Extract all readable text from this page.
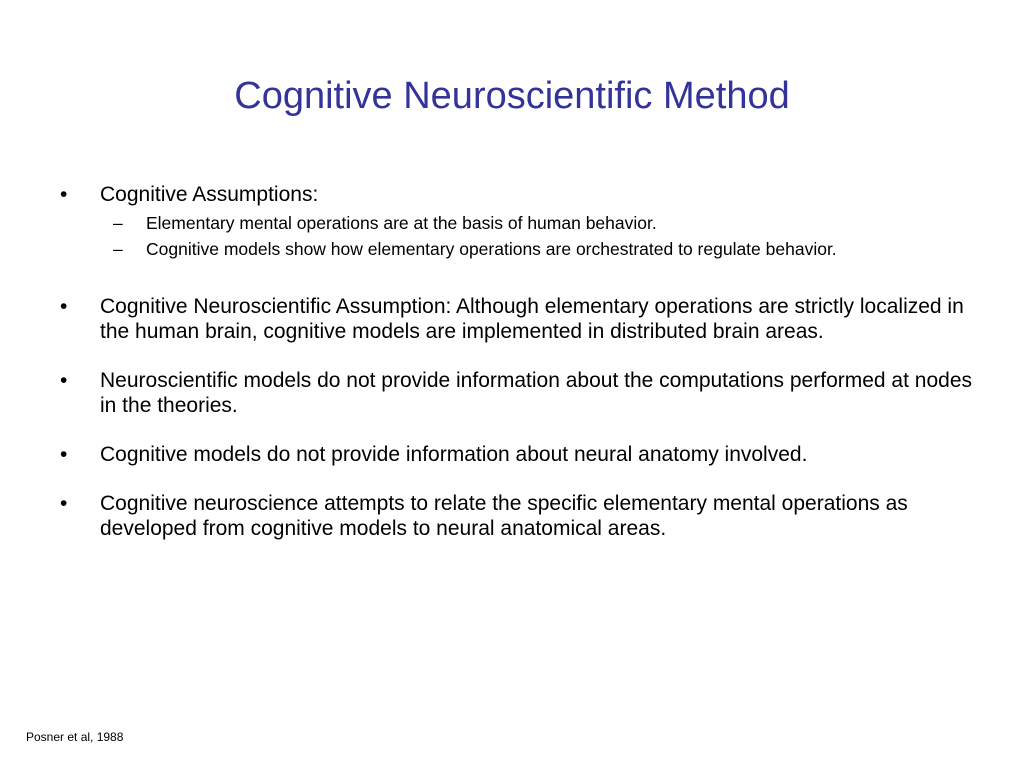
Cognitive Neuroscientific Method
• Cognitive Assumptions:
– Elementary mental operations are at the basis of human behavior.
– Cognitive models show how elementary operations are orchestrated to regulate behavior.
• Cognitive Neuroscientific Assumption: Although elementary operations are strictly localized in the human brain, cognitive models are implemented in distributed brain areas.
• Neuroscientific models do not provide information about the computations performed at nodes in the theories.
• Cognitive models do not provide information about neural anatomy involved.
• Cognitive neuroscience attempts to relate the specific elementary mental operations as developed from cognitive models to neural anatomical areas.
Posner et al, 1988
